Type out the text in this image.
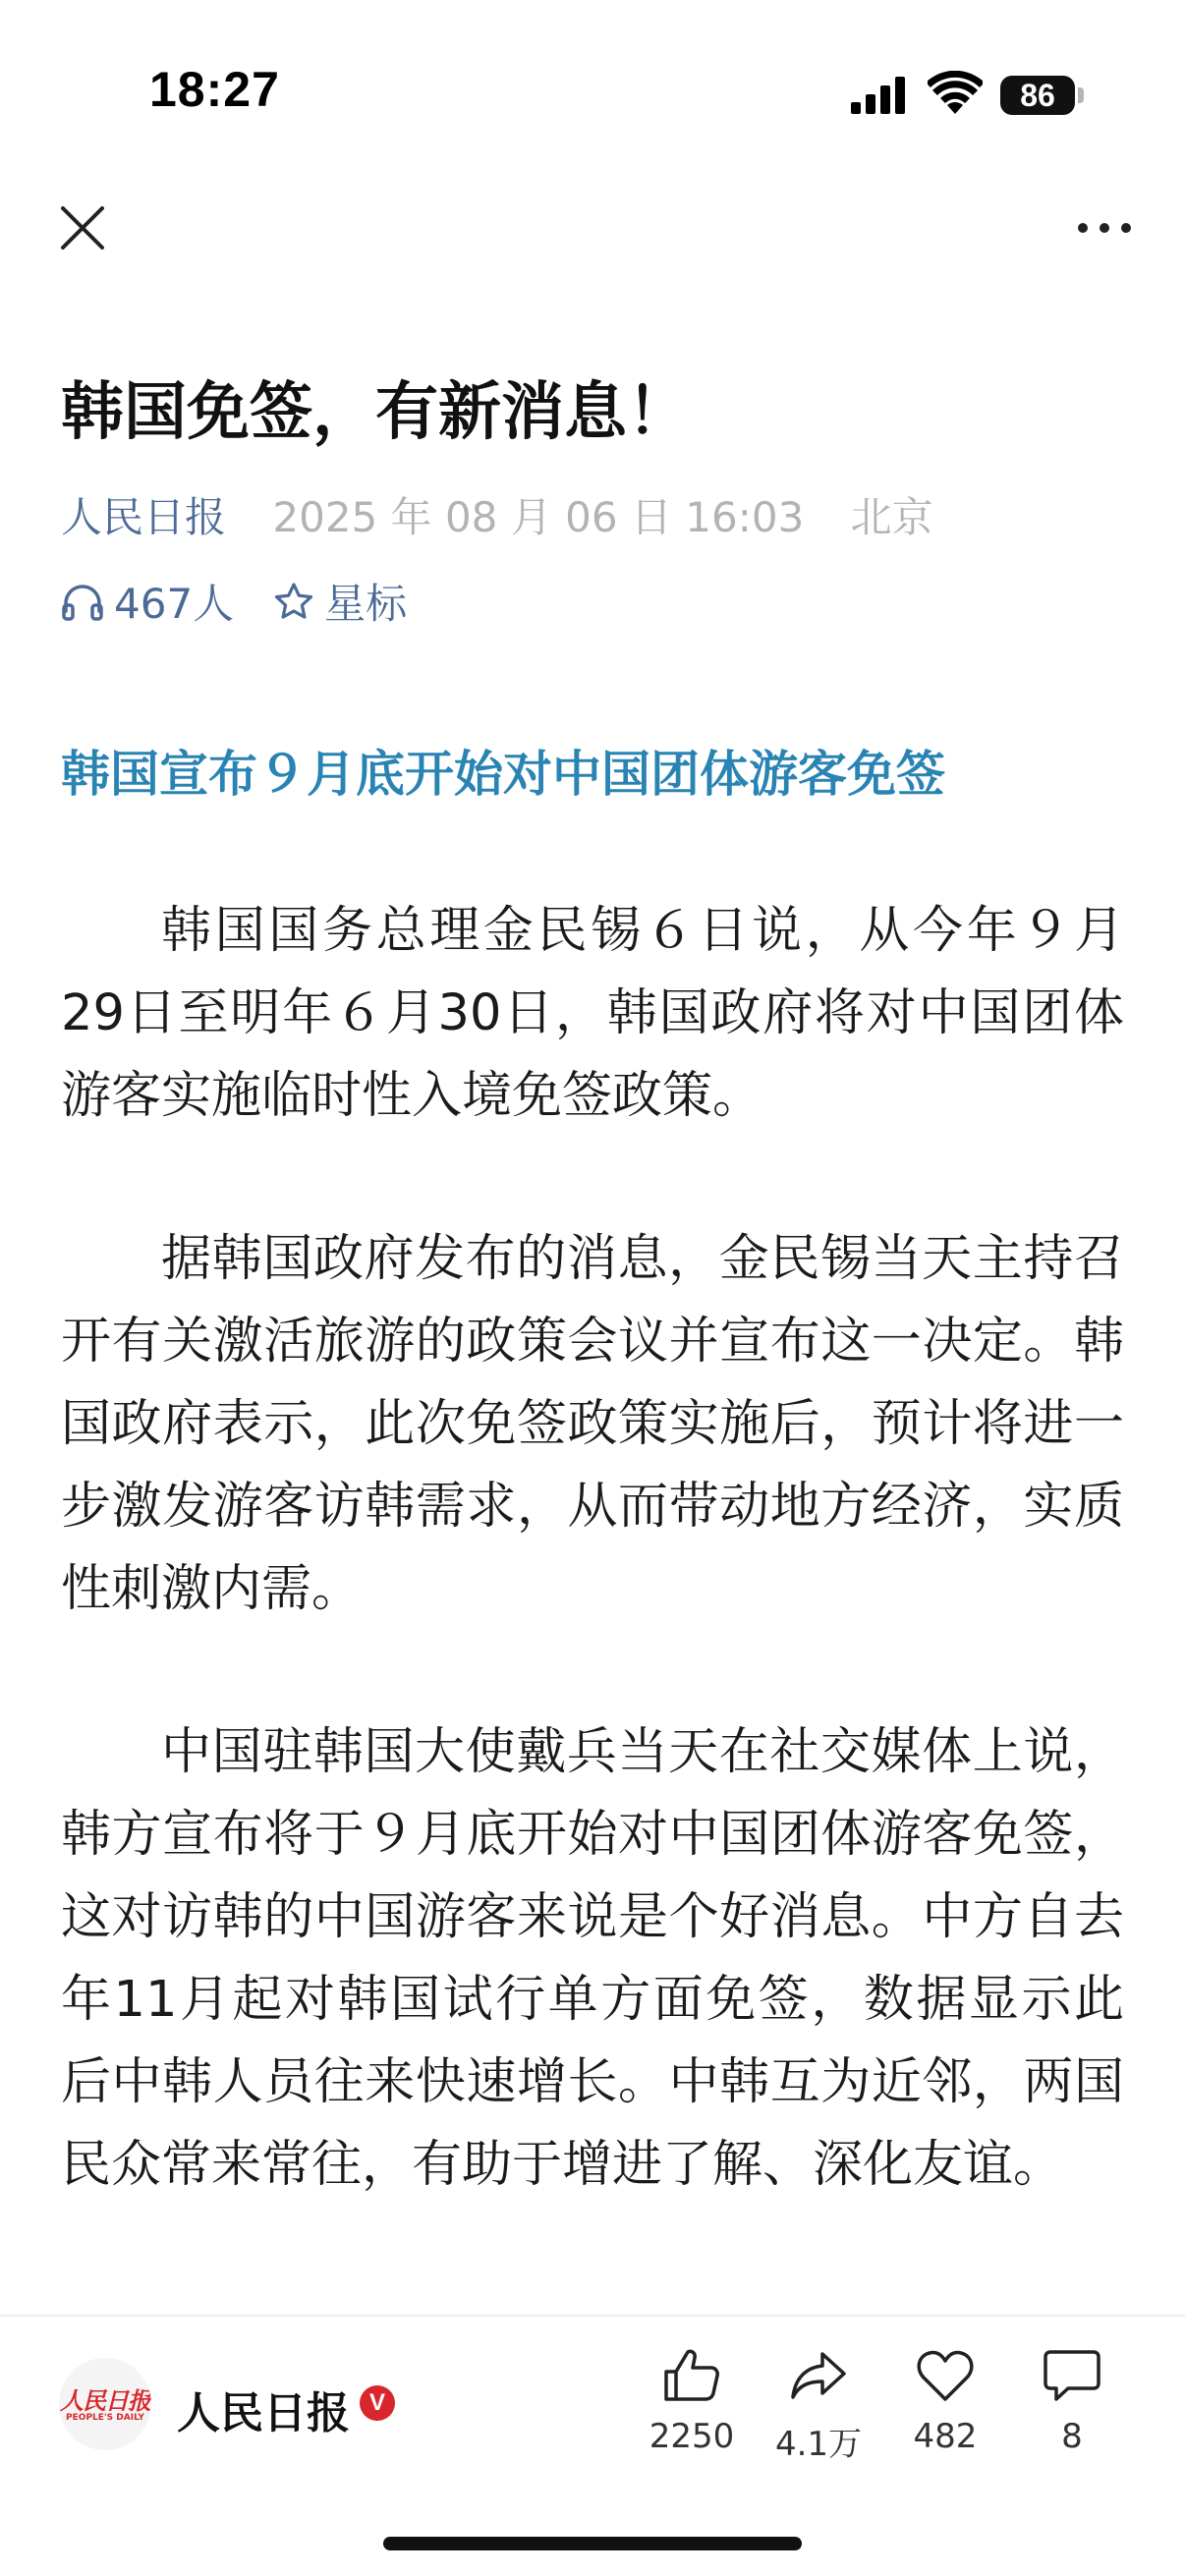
18:27	86
韩国免签，有新消息！
人民日报 2025 年 08 月 06 日 16:03 北京
467人 星标
韩国宣布９月底开始对中国团体游客免签

韩国国务总理金民锡６日说，从今年９月29日至明年６月30日，韩国政府将对中国团体游客实施临时性入境免签政策。

据韩国政府发布的消息，金民锡当天主持召开有关激活旅游的政策会议并宣布这一决定。韩国政府表示，此次免签政策实施后，预计将进一步激发游客访韩需求，从而带动地方经济，实质性刺激内需。

中国驻韩国大使戴兵当天在社交媒体上说，韩方宣布将于９月底开始对中国团体游客免签，这对访韩的中国游客来说是个好消息。中方自去年11月起对韩国试行单方面免签，数据显示此后中韩人员往来快速增长。中韩互为近邻，两国民众常来常往，有助于增进了解、深化友谊。

人民日报
PEOPLE'S DAILY 人民日报 V
2250	4.1万	482	8
